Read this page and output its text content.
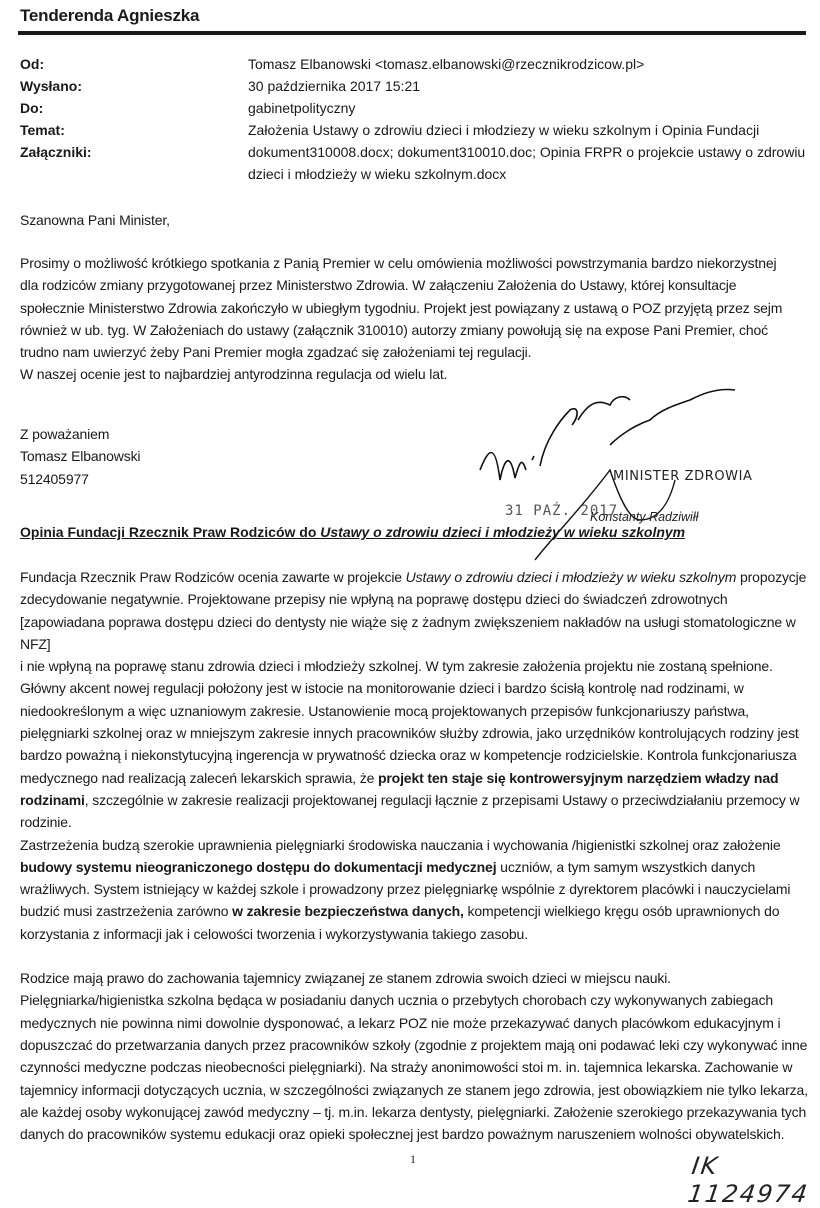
Tenderenda Agnieszka
Od:	Tomasz Elbanowski <tomasz.elbanowski@rzecznikrodzicow.pl>
Wysłano:	30 października 2017 15:21
Do:	gabinetpolityczny
Temat:	Założenia Ustawy o zdrowiu dzieci i młodziezy w wieku szkolnym i Opinia Fundacji
Załączniki:	dokument310008.docx; dokument310010.doc; Opinia FRPR o projekcie ustawy o zdrowiu dzieci i młodzieży w wieku szkolnym.docx
Szanowna Pani Minister,

Prosimy o możliwość krótkiego spotkania z Panią Premier w celu omówienia możliwości powstrzymania bardzo niekorzystnej dla rodziców zmiany przygotowanej przez Ministerstwo Zdrowia. W załączeniu Założenia do Ustawy, której konsultacje społecznie Ministerstwo Zdrowia zakończyło w ubiegłym tygodniu. Projekt jest powiązany z ustawą o POZ przyjętą przez sejm również w ub. tyg. W Założeniach do ustawy (załącznik 310010) autorzy zmiany powołują się na expose Pani Premier, choć trudno nam uwierzyć żeby Pani Premier mogła zgadzać się założeniami tej regulacji.

W naszej ocenie jest to najbardziej antyrodzinna regulacja od wielu lat.

Z poważaniem
Tomasz Elbanowski
512405977	MINISTER ZDROWIA
31 PAŹ. 2017
Konstanty Radziwiłł
Opinia Fundacji Rzecznik Praw Rodziców do Ustawy o zdrowiu dzieci i młodzieży w wieku szkolnym

Fundacja Rzecznik Praw Rodziców ocenia zawarte w projekcie Ustawy o zdrowiu dzieci i młodzieży w wieku szkolnym propozycje zdecydowanie negatywnie. Projektowane przepisy nie wpłyną na poprawę dostępu dzieci do świadczeń zdrowotnych [zapowiadana poprawa dostępu dzieci do dentysty nie wiąże się z żadnym zwiększeniem nakładów na usługi stomatologiczne w NFZ]

i nie wpłyną na poprawę stanu zdrowia dzieci i młodzieży szkolnej. W tym zakresie założenia projektu nie zostaną spełnione. Główny akcent nowej regulacji położony jest w istocie na monitorowanie dzieci i bardzo ścisłą kontrolę nad rodzinami, w niedookreślonym a więc uznaniowym zakresie. Ustanowienie mocą projektowanych przepisów funkcjonariuszy państwa, pielęgniarki szkolnej oraz w mniejszym zakresie innych pracowników służby zdrowia, jako urzędników kontrolujących rodziny jest bardzo poważną i niekonstytucyjną ingerencja w prywatność dziecka oraz w kompetencje rodzicielskie. Kontrola funkcjonariusza medycznego nad realizacją zaleceń lekarskich sprawia, że projekt ten staje się kontrowersyjnym narzędziem władzy nad rodzinami, szczególnie w zakresie realizacji projektowanej regulacji łącznie z przepisami Ustawy o przeciwdziałaniu przemocy w rodzinie.

Zastrzeżenia budzą szerokie uprawnienia pielęgniarki środowiska nauczania i wychowania /higienistki szkolnej oraz założenie budowy systemu nieograniczonego dostępu do dokumentacji medycznej uczniów, a tym samym wszystkich danych wrażliwych. System istniejący w każdej szkole i prowadzony przez pielęgniarkę wspólnie z dyrektorem placówki i nauczycielami budzić musi zastrzeżenia zarówno w zakresie bezpieczeństwa danych, kompetencji wielkiego kręgu osób uprawnionych do korzystania z informacji jak i celowości tworzenia i wykorzystywania takiego zasobu.

Rodzice mają prawo do zachowania tajemnicy związanej ze stanem zdrowia swoich dzieci w miejscu nauki. Pielęgniarka/higienistka szkolna będąca w posiadaniu danych ucznia o przebytych chorobach czy wykonywanych zabiegach medycznych nie powinna nimi dowolnie dysponować, a lekarz POZ nie może przekazywać danych placówkom edukacyjnym i dopuszczać do przetwarzania danych przez pracowników szkoły (zgodnie z projektem mają oni podawać leki czy wykonywać inne czynności medyczne podczas nieobecności pielęgniarki). Na straży anonimowości stoi m. in. tajemnica lekarska. Zachowanie w tajemnicy informacji dotyczących ucznia, w szczególności związanych ze stanem jego zdrowia, jest obowiązkiem nie tylko lekarza, ale każdej osoby wykonującej zawód medyczny – tj. m.in. lekarza dentysty, pielęgniarki. Założenie szerokiego przekazywania tych danych do pracowników systemu edukacji oraz opieki społecznej jest bardzo poważnym naruszeniem wolności obywatelskich.

1	IK 1124974
